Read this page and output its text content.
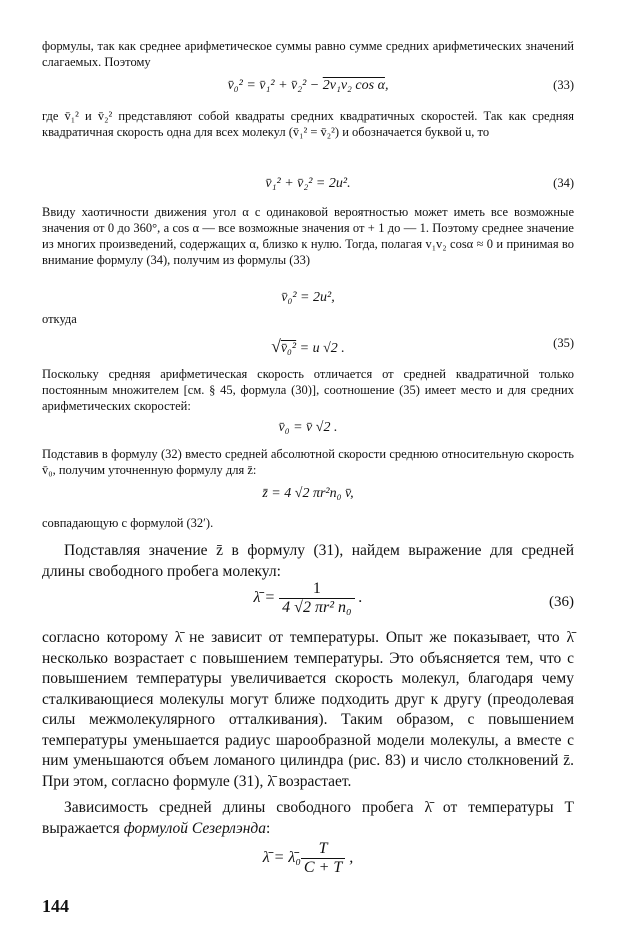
формулы, так как среднее арифметическое суммы равно сумме средних арифметических значений слагаемых. Поэтому

v̄₀² = v̄₁² + v̄₂² − 2v₁v₂ cos α,	(33)

где v̄₁² и v̄₂² представляют собой квадраты средних квадратичных скоростей. Так как средняя квадратичная скорость одна для всех молекул (v̄₁² = v̄₂²) и обозначается буквой u, то

v̄₁² + v̄₂² = 2u².	(34)

Ввиду хаотичности движения угол α с одинаковой вероятностью может иметь все возможные значения от 0 до 360°, а cos α — все возможные значения от + 1 до — 1. Поэтому среднее значение из многих произведений, содержащих α, близко к нулю. Тогда, полагая v₁v₂ cosα ≈ 0 и принимая во внимание формулу (34), получим из формулы (33)

v̄₀² = 2u²,

откуда

√v̄₀² = u √2 .	(35)

Поскольку средняя арифметическая скорость отличается от средней квадратичной только постоянным множителем [см. § 45, формула (30)], соотношение (35) имеет место и для средних арифметических скоростей:

v̄₀ = v̄ √2 .

Подставив в формулу (32) вместо средней абсолютной скорости среднюю относительную скорость v̄₀, получим уточненную формулу для z̄:

z̄ = 4 √2 πr²n₀ v̄,

совпадающую с формулой (32′).

Подставляя значение z̄ в формулу (31), найдем выражение для средней длины свободного пробега молекул:

λ̄ = $\frac{1}{\text{4 √2 πr² n₀}}$ .	(36)

согласно которому λ̄ не зависит от температуры. Опыт же показывает, что λ̄ несколько возрастает с повышением температуры. Это объясняется тем, что с повышением температуры увеличивается скорость молекул, благодаря чему сталкивающиеся молекулы могут ближе подходить друг к другу (преодолевая силы межмолекулярного отталкивания). Таким образом, с повышением температуры уменьшается радиус шарообразной модели молекулы, а вместе с ним уменьшаются объем ломаного цилиндра (рис. 83) и число столкновений z̄. При этом, согласно формуле (31), λ̄ возрастает.

Зависимость средней длины свободного пробега λ̄ от температуры T выражается формулой Сезерлэнда:

λ̄ = λ̄₀ $\frac{T}{C + T}$ ,

144
